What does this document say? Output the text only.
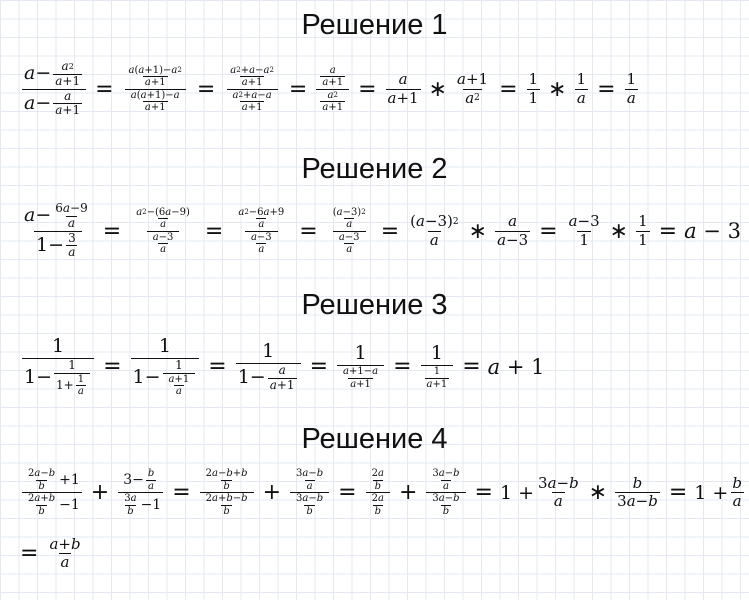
Решение 1
$\frac{a - \frac{a 2}{a +1}}{a - \frac{a}{a +1}} = \frac{\frac{a ( a +1)- a 2}{a +1}}{\frac{a ( a +1)- a}{a +1}} = \frac{\frac{a 2 + a - a 2}{a +1}}{\frac{a 2 + a - a}{a +1}} = \frac{\frac{a}{a +1}}{\frac{a 2}{a +1}} = \frac{a}{a +1}$ ∗ $\frac{a +1}{a 2} = \frac{1}{1}$ ∗ $\frac{1}{a} = \frac{1}{a}$
Решение 2
$\frac{a - \frac{6 a -9}{a}}{1- \frac{3}{a}} = \frac{\frac{a 2 -(6 a -9)}{a}}{\frac{a -3}{a}} = \frac{\frac{a 2 -6 a +9}{a}}{\frac{a -3}{a}} = \frac{\frac{( a -3) 2}{a}}{\frac{a -3}{a}} = \frac{( a -3) 2}{a}$ ∗ $\frac{a}{a -3} = \frac{a -3}{1}$ ∗ $\frac{1}{1} = a - 3$
Решение 3
$\frac{1}{1- \frac{1}{1+ \frac{1}{a}}} = \frac{1}{1- \frac{1}{\frac{a +1}{a}}} = \frac{1}{1- \frac{a}{a +1}} = \frac{1}{\frac{a +1- a}{a +1}} = \frac{1}{\frac{1}{a +1}} = a + 1$
Решение 4
$\frac{\frac{2 a - b}{b} +1}{\frac{2 a + b}{b} -1} + \frac{3- \frac{b}{a}}{\frac{3 a}{b} -1} = \frac{\frac{2 a - b + b}{b}}{\frac{2 a + b - b}{b}} + \frac{\frac{3 a - b}{a}}{\frac{3 a - b}{b}} = \frac{\frac{2 a}{b}}{\frac{2 a}{b}} + \frac{\frac{3 a - b}{a}}{\frac{3 a - b}{b}} = 1 + \frac{3 a - b}{a}$ ∗ $\frac{b}{3 a - b} = 1 + \frac{b}{a}$
= $\frac{a + b}{a}$
